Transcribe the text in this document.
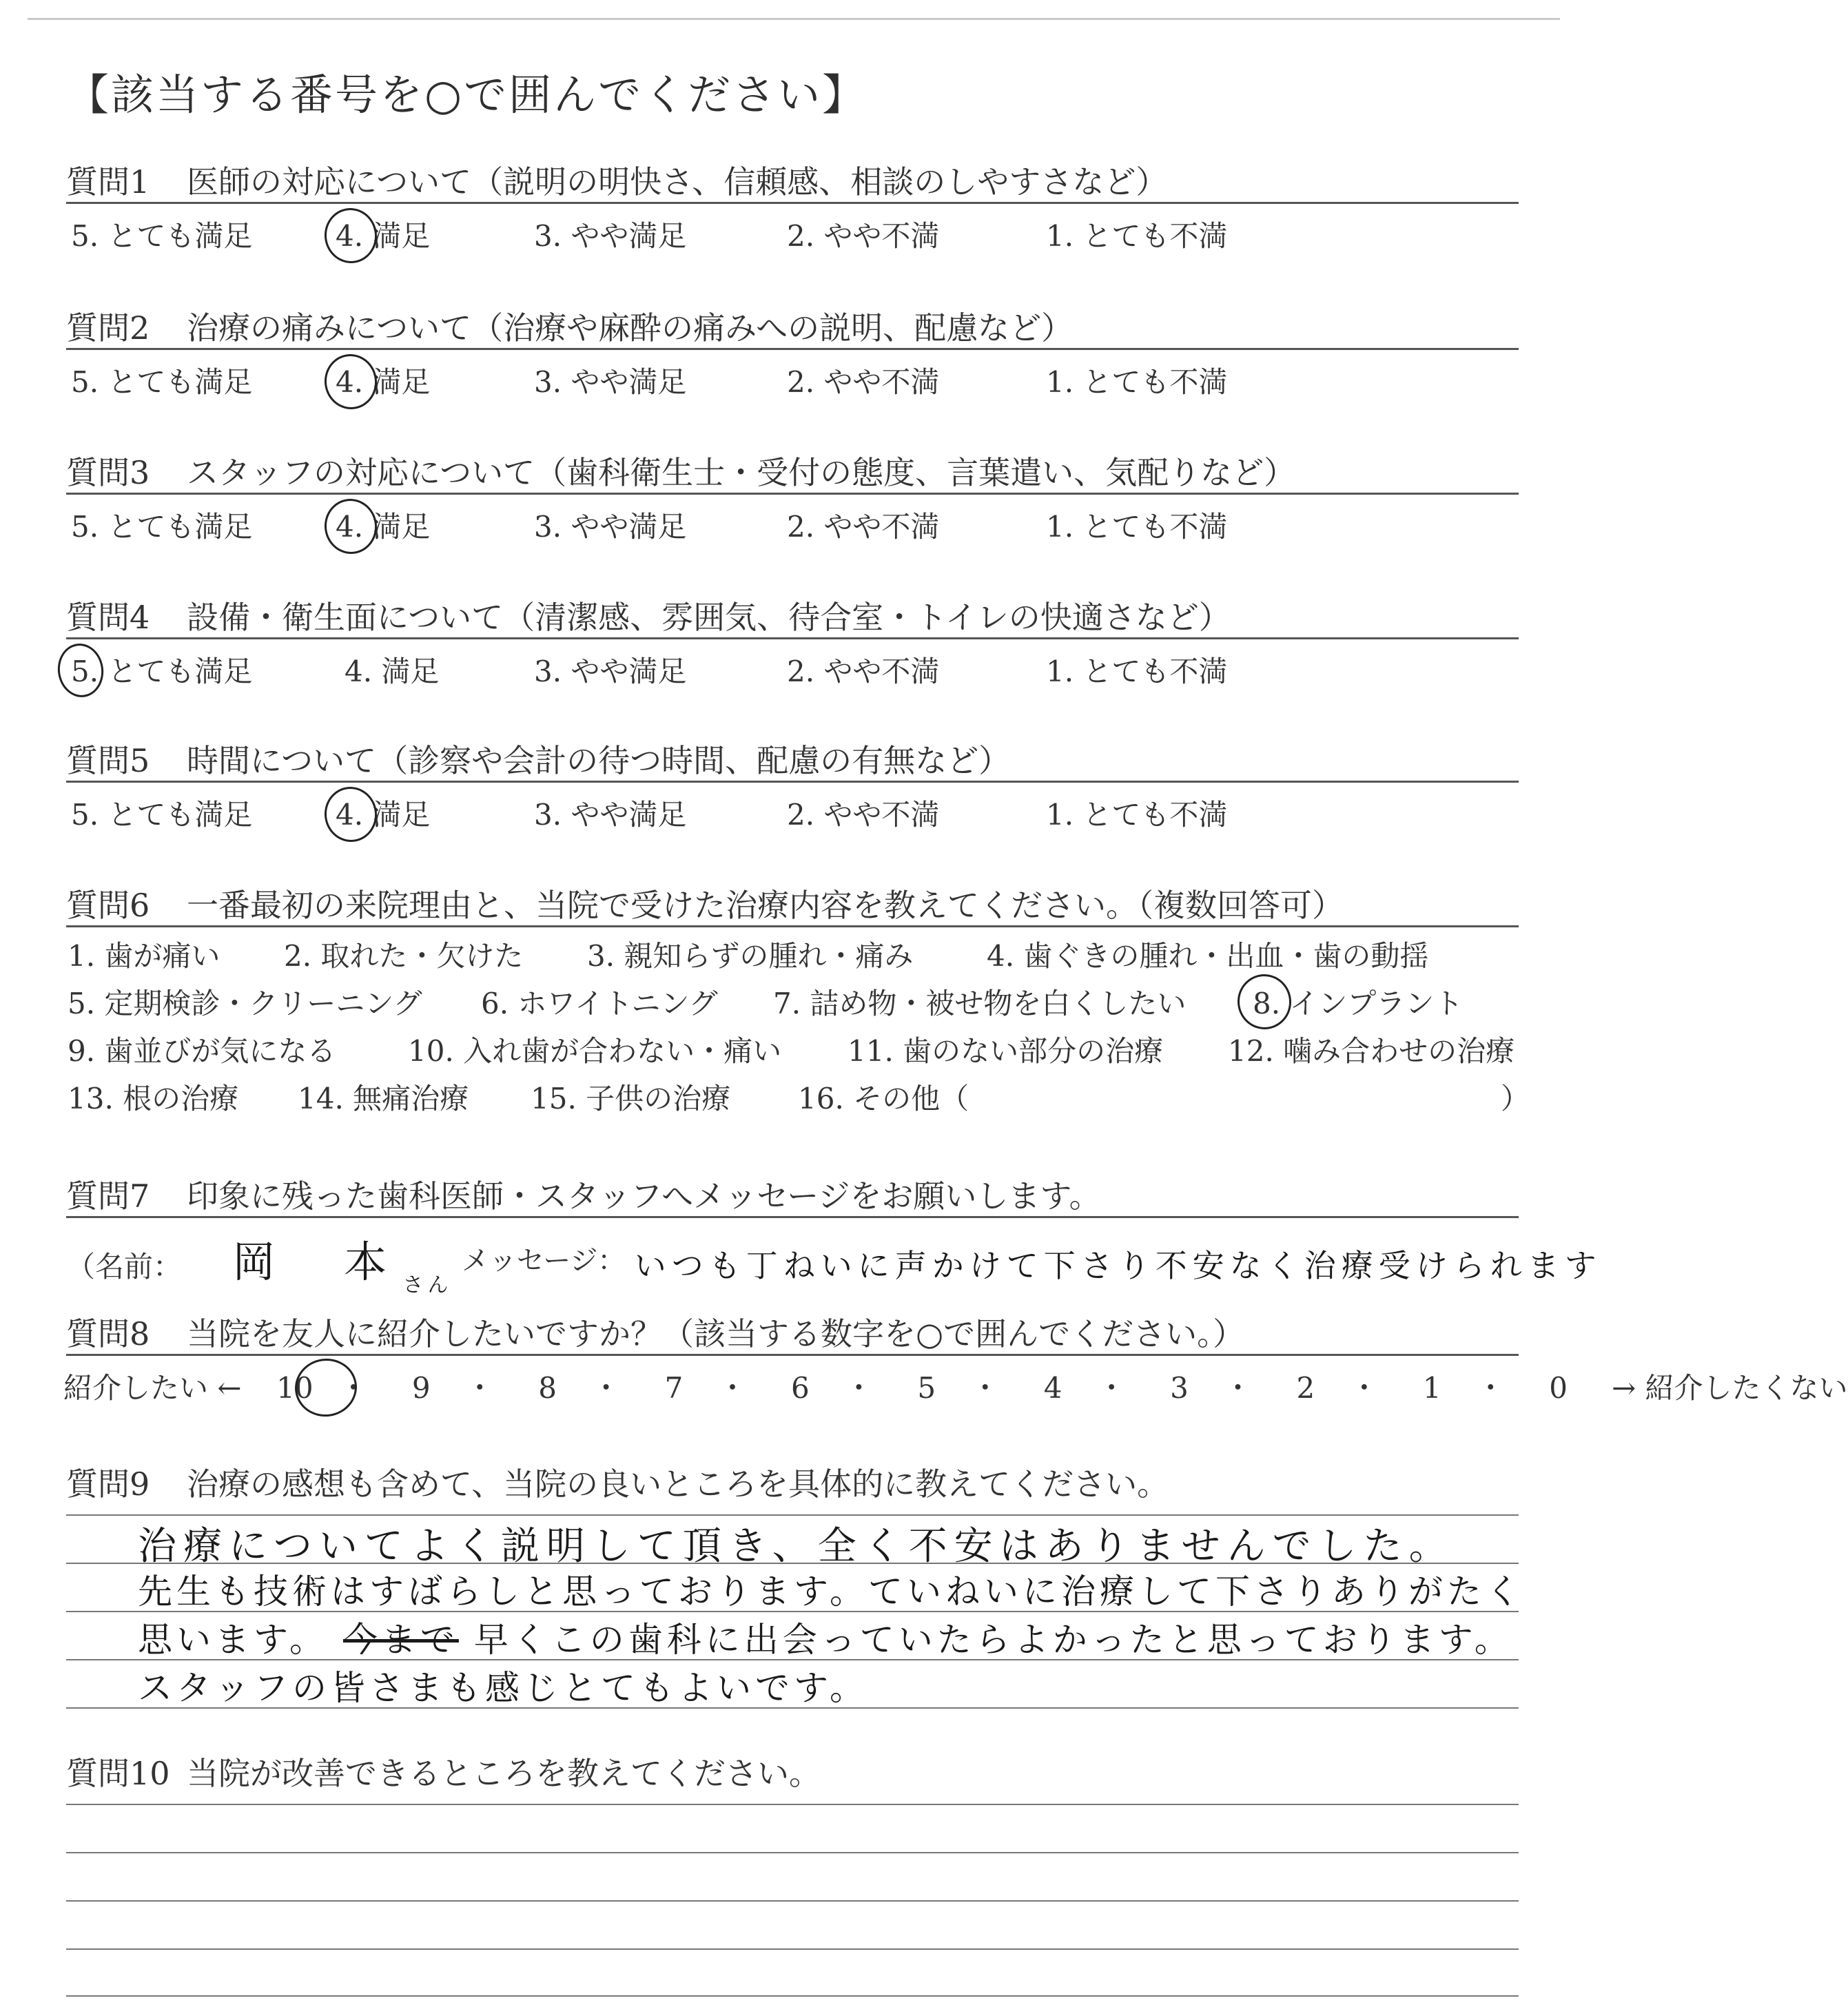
【該当する番号を○で囲んでください】
質問1 医師の対応について（説明の明快さ、信頼感、相談のしやすさなど）
5. とても満足	4. 満足	3. やや満足	2. やや不満	1. とても不満
質問2 治療の痛みについて（治療や麻酔の痛みへの説明、配慮など）
5. とても満足	4. 満足	3. やや満足	2. やや不満	1. とても不満
質問3 スタッフの対応について（歯科衛生士・受付の態度、言葉遣い、気配りなど）
5. とても満足	4. 満足	3. やや満足	2. やや不満	1. とても不満
質問4 設備・衛生面について（清潔感、雰囲気、待合室・トイレの快適さなど）
5. とても満足	4. 満足	3. やや満足	2. やや不満	1. とても不満
質問5 時間について（診察や会計の待つ時間、配慮の有無など）
5. とても満足	4. 満足	3. やや満足	2. やや不満	1. とても不満
質問6 一番最初の来院理由と、当院で受けた治療内容を教えてください。（複数回答可）
1. 歯が痛い 2. 取れた・欠けた 3. 親知らずの腫れ・痛み	4. 歯ぐきの腫れ・出血・歯の動揺
5. 定期検診・クリーニング 6. ホワイトニング 7. 詰め物・被せ物を白くしたい 8. インプラント
9. 歯並びが気になる 10. 入れ歯が合わない・痛い 11. 歯のない部分の治療 12. 噛み合わせの治療
13. 根の治療 14. 無痛治療 15. 子供の治療 16. その他（	）
質問7 印象に残った歯科医師・スタッフへメッセージをお願いします。
（名前： 岡 本 $_{さん}$ メッセージ： いつも丁ねいに声かけて下さり不安なく治療受けられます
質問8 当院を友人に紹介したいですか？（該当する数字を○で囲んでください。）
紹介したい ← 10 ・ 9 ・ 8 ・ 7 ・ 6 ・ 5 ・ 4 ・ 3 ・ 2 ・ 1 ・ 0 → 紹介したくない
質問9 治療の感想も含めて、当院の良いところを具体的に教えてください。
治療についてよく説明して頂き、全く不安はありませんでした。
先生も技術はすばらしと思っております。ていねいに治療して下さりありがたく
思います。 今まで 早くこの歯科に出会っていたらよかったと思っております。
スタッフの皆さまも感じとてもよいです。
質問10 当院が改善できるところを教えてください。
